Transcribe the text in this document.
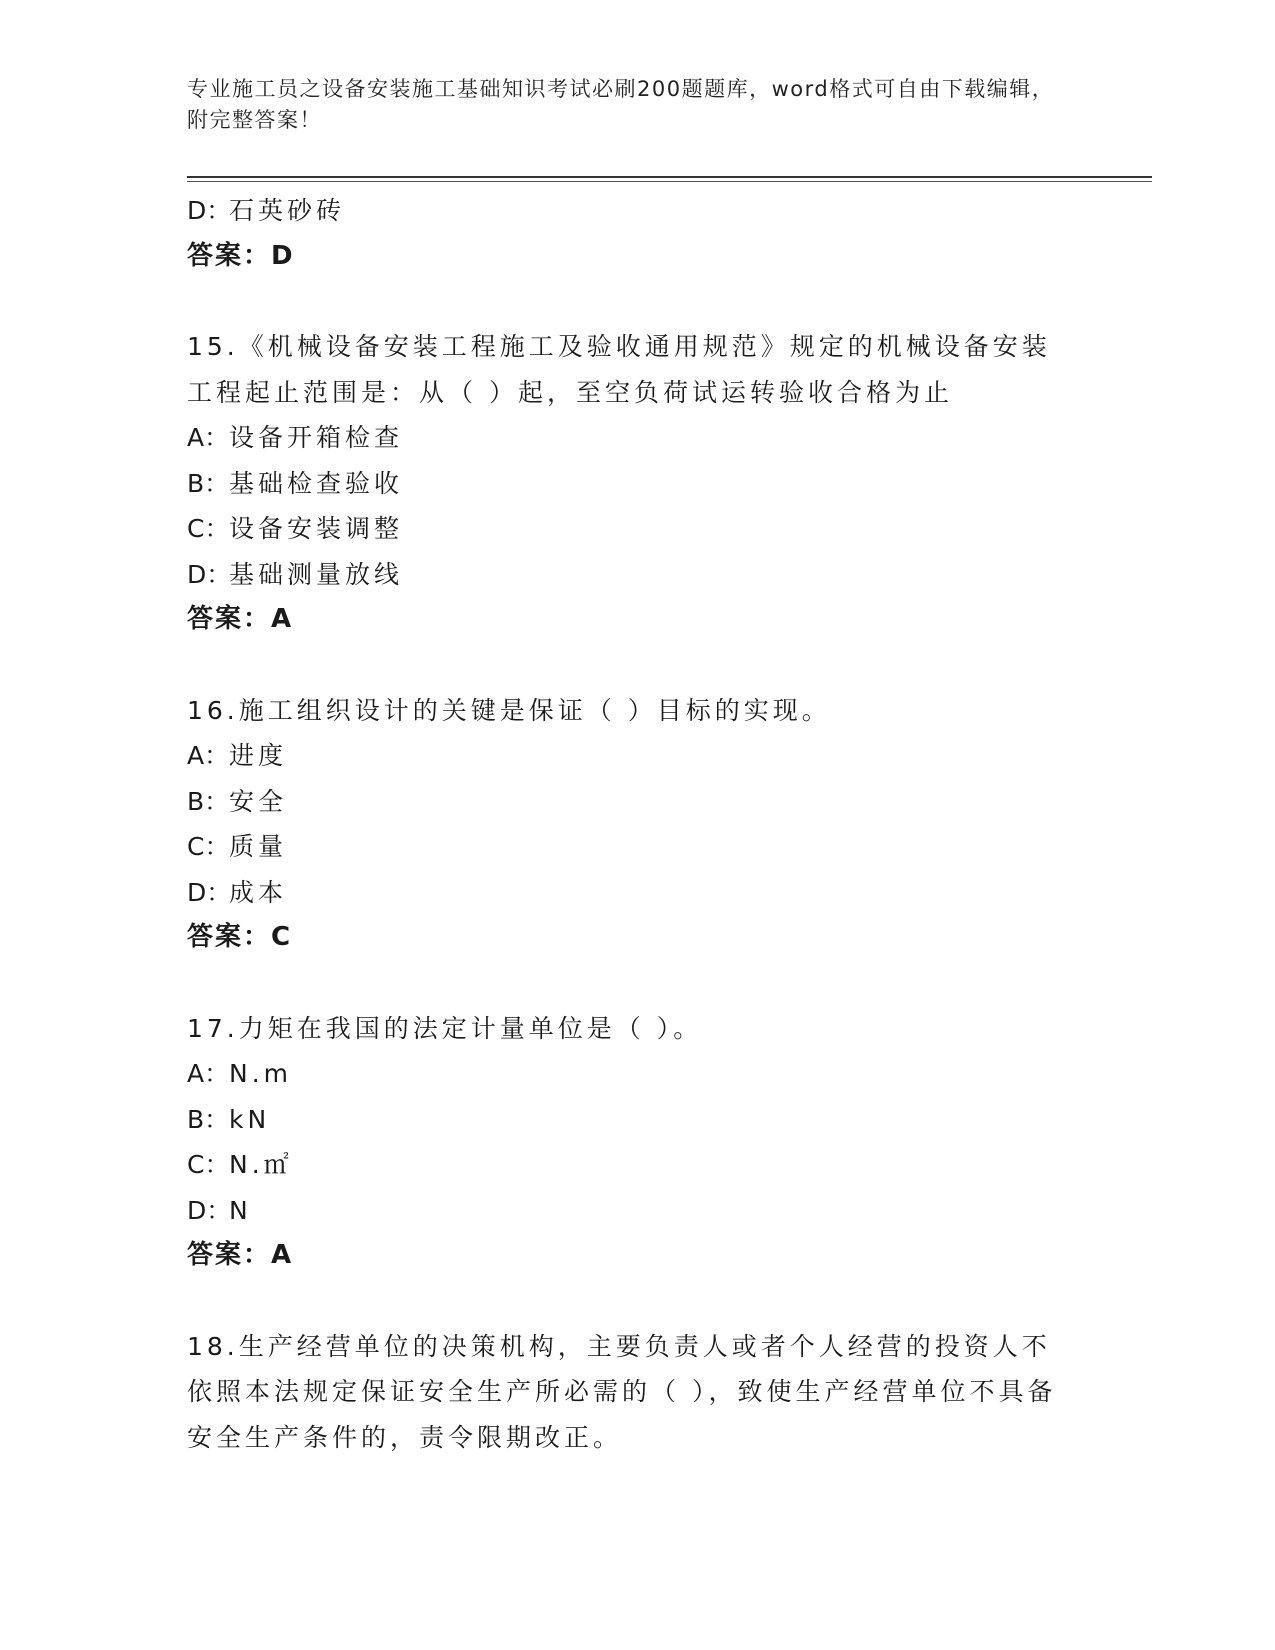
专业施工员之设备安装施工基础知识考试必刷200题题库，word格式可自由下载编辑，附完整答案！
D：石英砂砖
答案：D
15.《机械设备安装工程施工及验收通用规范》规定的机械设备安装工程起止范围是：从（ ）起，至空负荷试运转验收合格为止
A：设备开箱检查
B：基础检查验收
C：设备安装调整
D：基础测量放线
答案：A
16.施工组织设计的关键是保证（ ）目标的实现。
A：进度
B：安全
C：质量
D：成本
答案：C
17.力矩在我国的法定计量单位是（ ）。
A：N.m
B：kN
C：N.㎡
D：N
答案：A
18.生产经营单位的决策机构，主要负责人或者个人经营的投资人不依照本法规定保证安全生产所必需的（ ），致使生产经营单位不具备安全生产条件的，责令限期改正。
